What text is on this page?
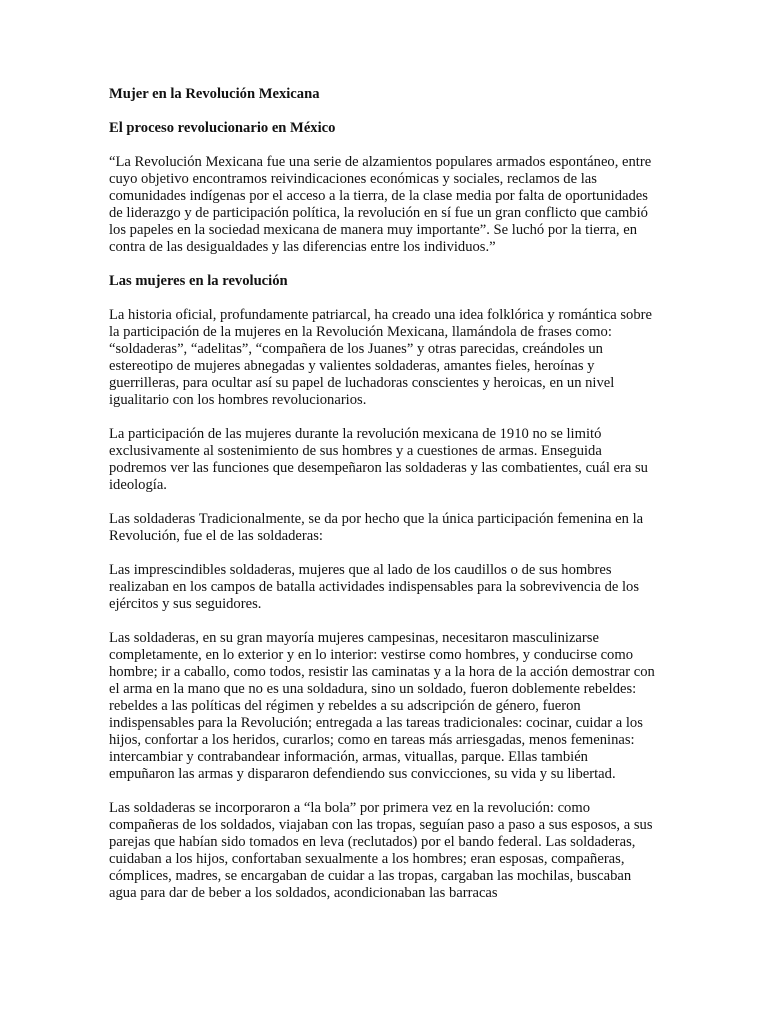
Mujer en la Revolución Mexicana

El proceso revolucionario en México

“La Revolución Mexicana fue una serie de alzamientos populares armados espontáneo, entre cuyo objetivo encontramos reivindicaciones económicas y sociales, reclamos de las comunidades indígenas por el acceso a la tierra, de la clase media por falta de oportunidades de liderazgo y de participación política, la revolución en sí fue un gran conflicto que cambió los papeles en la sociedad mexicana de manera muy importante”. Se luchó por la tierra, en contra de las desigualdades y las diferencias entre los individuos.”

Las mujeres en la revolución

La historia oficial, profundamente patriarcal, ha creado una idea folklórica y romántica sobre la participación de la mujeres en la Revolución Mexicana, llamándola de frases como: “soldaderas”, “adelitas”, “compañera de los Juanes” y otras parecidas, creándoles un estereotipo de mujeres abnegadas y valientes soldaderas, amantes fieles, heroínas y guerrilleras, para ocultar así su papel de luchadoras conscientes y heroicas, en un nivel igualitario con los hombres revolucionarios.

La participación de las mujeres durante la revolución mexicana de 1910 no se limitó exclusivamente al sostenimiento de sus hombres y a cuestiones de armas. Enseguida podremos ver las funciones que desempeñaron las soldaderas y las combatientes, cuál era su ideología.

Las soldaderas Tradicionalmente, se da por hecho que la única participación femenina en la Revolución, fue el de las soldaderas:

Las imprescindibles soldaderas, mujeres que al lado de los caudillos o de sus hombres realizaban en los campos de batalla actividades indispensables para la sobrevivencia de los ejércitos y sus seguidores.

Las soldaderas, en su gran mayoría mujeres campesinas, necesitaron masculinizarse completamente, en lo exterior y en lo interior: vestirse como hombres, y conducirse como hombre; ir a caballo, como todos, resistir las caminatas y a la hora de la acción demostrar con el arma en la mano que no es una soldadura, sino un soldado, fueron doblemente rebeldes: rebeldes a las políticas del régimen y rebeldes a su adscripción de género, fueron indispensables para la Revolución; entregada a las tareas tradicionales: cocinar, cuidar a los hijos, confortar a los heridos, curarlos; como en tareas más arriesgadas, menos femeninas: intercambiar y contrabandear información, armas, vituallas, parque. Ellas también empuñaron las armas y dispararon defendiendo sus convicciones, su vida y su libertad.

Las soldaderas se incorporaron a “la bola” por primera vez en la revolución: como compañeras de los soldados, viajaban con las tropas, seguían paso a paso a sus esposos, a sus parejas que habían sido tomados en leva (reclutados) por el bando federal. Las soldaderas, cuidaban a los hijos, confortaban sexualmente a los hombres; eran esposas, compañeras, cómplices, madres, se encargaban de cuidar a las tropas, cargaban las mochilas, buscaban agua para dar de beber a los soldados, acondicionaban las barracas
